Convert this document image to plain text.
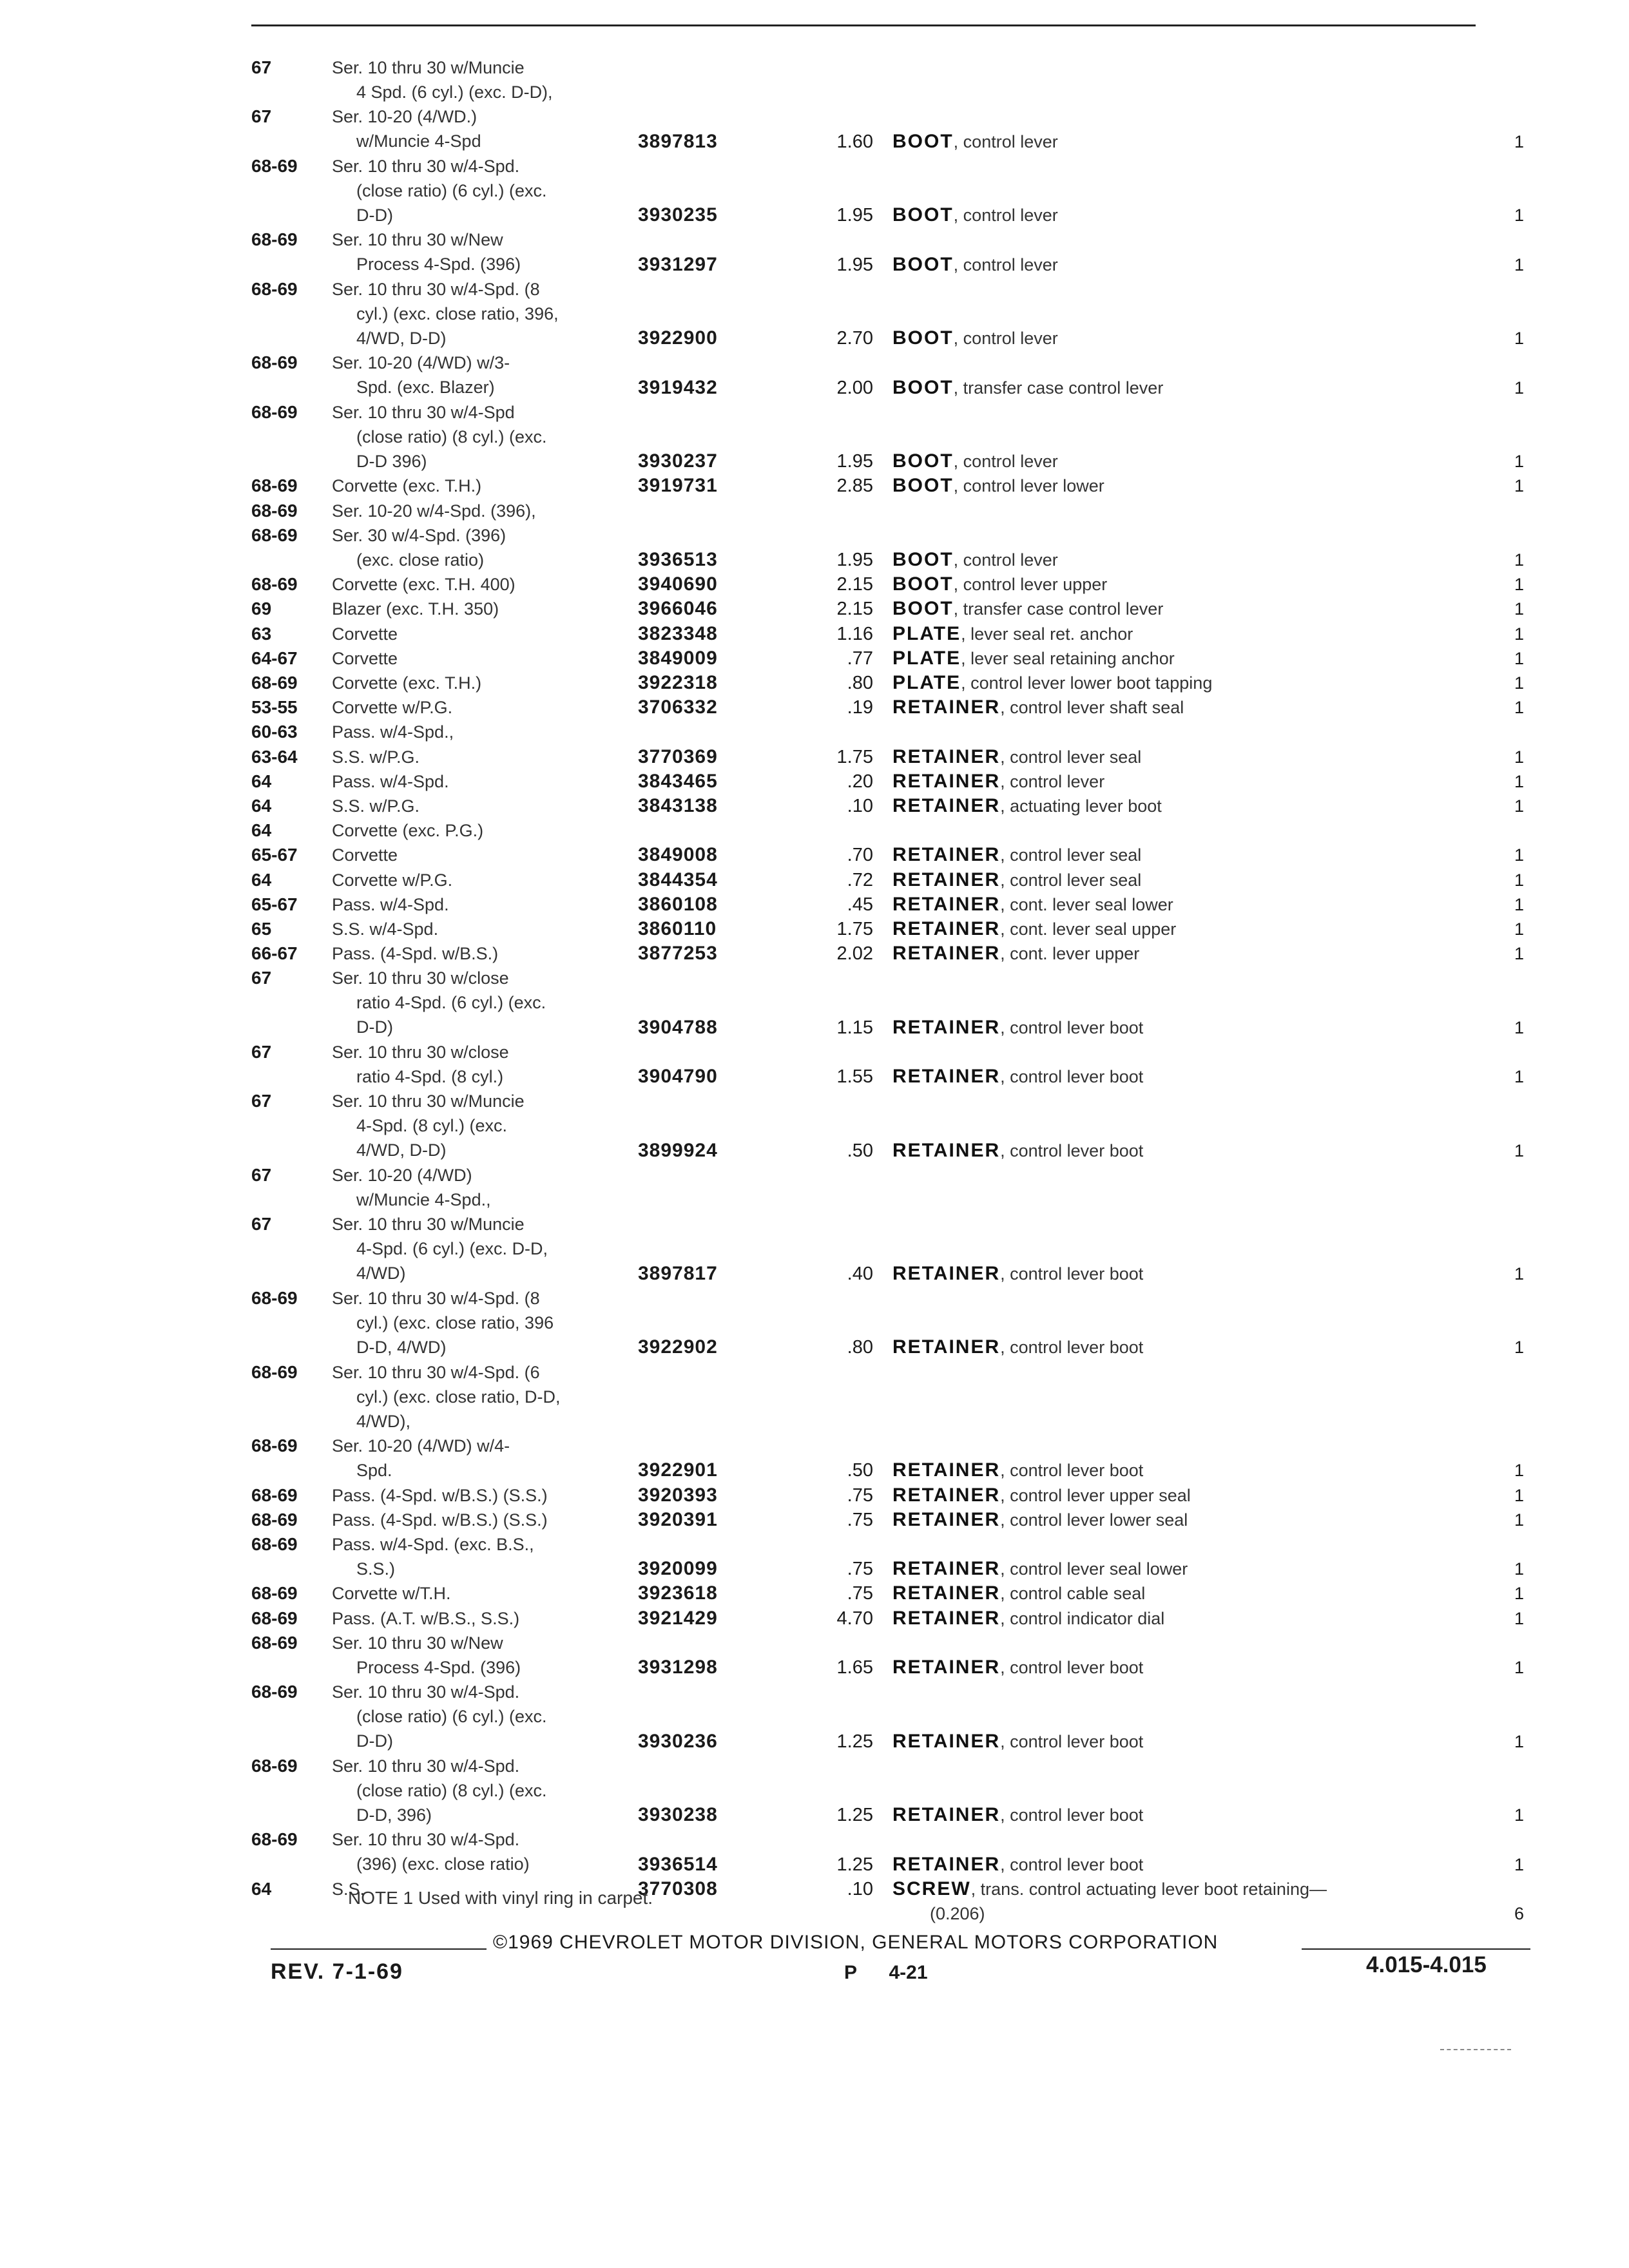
67	Ser. 10 thru 30 w/Muncie
4 Spd. (6 cyl.) (exc. D-D),
67	Ser. 10-20 (4/WD.)
w/Muncie 4-Spd	3897813	1.60 BOOT, control lever	1
68-69 Ser. 10 thru 30 w/4-Spd.
(close ratio) (6 cyl.) (exc.
D-D)	3930235	1.95 BOOT, control lever	1
68-69 Ser. 10 thru 30 w/New
Process 4-Spd. (396)	3931297	1.95 BOOT, control lever	1
68-69 Ser. 10 thru 30 w/4-Spd. (8
cyl.) (exc. close ratio, 396,
4/WD, D-D)	3922900	2.70 BOOT, control lever	1
68-69 Ser. 10-20 (4/WD) w/3-
Spd. (exc. Blazer)	3919432	2.00 BOOT, transfer case control lever	1
68-69 Ser. 10 thru 30 w/4-Spd
(close ratio) (8 cyl.) (exc.
D-D 396)	3930237	1.95 BOOT, control lever	1
68-69 Corvette (exc. T.H.)	3919731	2.85 BOOT, control lever lower	1
68-69 Ser. 10-20 w/4-Spd. (396),
68-69 Ser. 30 w/4-Spd. (396)
(exc. close ratio)	3936513	1.95 BOOT, control lever	1
68-69 Corvette (exc. T.H. 400)	3940690	2.15 BOOT, control lever upper	1
69	Blazer (exc. T.H. 350)	3966046	2.15 BOOT, transfer case control lever	1
63	Corvette	3823348	1.16 PLATE, lever seal ret. anchor	1
64-67 Corvette	3849009	.77 PLATE, lever seal retaining anchor	1
68-69 Corvette (exc. T.H.)	3922318	.80 PLATE, control lever lower boot tapping	1
53-55 Corvette w/P.G.	3706332	.19 RETAINER, control lever shaft seal	1
60-63 Pass. w/4-Spd.,
63-64 S.S. w/P.G.	3770369	1.75 RETAINER, control lever seal	1
64	Pass. w/4-Spd.	3843465	.20 RETAINER, control lever	1
64	S.S. w/P.G.	3843138	.10 RETAINER, actuating lever boot	1
64	Corvette (exc. P.G.)
65-67 Corvette	3849008	.70 RETAINER, control lever seal	1
64	Corvette w/P.G.	3844354	.72 RETAINER, control lever seal	1
65-67 Pass. w/4-Spd.	3860108	.45 RETAINER, cont. lever seal lower	1
65	S.S. w/4-Spd.	3860110	1.75 RETAINER, cont. lever seal upper	1
66-67 Pass. (4-Spd. w/B.S.)	3877253	2.02 RETAINER, cont. lever upper	1
67	Ser. 10 thru 30 w/close
ratio 4-Spd. (6 cyl.) (exc.
D-D)	3904788	1.15 RETAINER, control lever boot	1
67	Ser. 10 thru 30 w/close
ratio 4-Spd. (8 cyl.)	3904790	1.55 RETAINER, control lever boot	1
67	Ser. 10 thru 30 w/Muncie
4-Spd. (8 cyl.) (exc.
4/WD, D-D)	3899924	.50 RETAINER, control lever boot	1
67	Ser. 10-20 (4/WD)
w/Muncie 4-Spd.,
67	Ser. 10 thru 30 w/Muncie
4-Spd. (6 cyl.) (exc. D-D,
4/WD)	3897817	.40 RETAINER, control lever boot	1
68-69 Ser. 10 thru 30 w/4-Spd. (8
cyl.) (exc. close ratio, 396
D-D, 4/WD)	3922902	.80 RETAINER, control lever boot	1
68-69 Ser. 10 thru 30 w/4-Spd. (6
cyl.) (exc. close ratio, D-D,
4/WD),
68-69 Ser. 10-20 (4/WD) w/4-
Spd.	3922901	.50 RETAINER, control lever boot	1
68-69 Pass. (4-Spd. w/B.S.) (S.S.)	3920393	.75 RETAINER, control lever upper seal	1
68-69 Pass. (4-Spd. w/B.S.) (S.S.)	3920391	.75 RETAINER, control lever lower seal	1
68-69 Pass. w/4-Spd. (exc. B.S.,
S.S.)	3920099	.75 RETAINER, control lever seal lower	1
68-69 Corvette w/T.H.	3923618	.75 RETAINER, control cable seal	1
68-69 Pass. (A.T. w/B.S., S.S.)	3921429	4.70 RETAINER, control indicator dial	1
68-69 Ser. 10 thru 30 w/New
Process 4-Spd. (396)	3931298	1.65 RETAINER, control lever boot	1
68-69 Ser. 10 thru 30 w/4-Spd.
(close ratio) (6 cyl.) (exc.
D-D)	3930236	1.25 RETAINER, control lever boot	1
68-69 Ser. 10 thru 30 w/4-Spd.
(close ratio) (8 cyl.) (exc.
D-D, 396)	3930238	1.25 RETAINER, control lever boot	1
68-69 Ser. 10 thru 30 w/4-Spd.
(396) (exc. close ratio)	3936514	1.25 RETAINER, control lever boot	1
64	S.S.	3770308	.10 SCREW, trans. control actuating lever boot retaining—
(0.206)	6
NOTE 1 Used with vinyl ring in carpet.
©1969 CHEVROLET MOTOR DIVISION, GENERAL MOTORS CORPORATION
REV. 7-1-69	P      4-21	4.015-4.015
